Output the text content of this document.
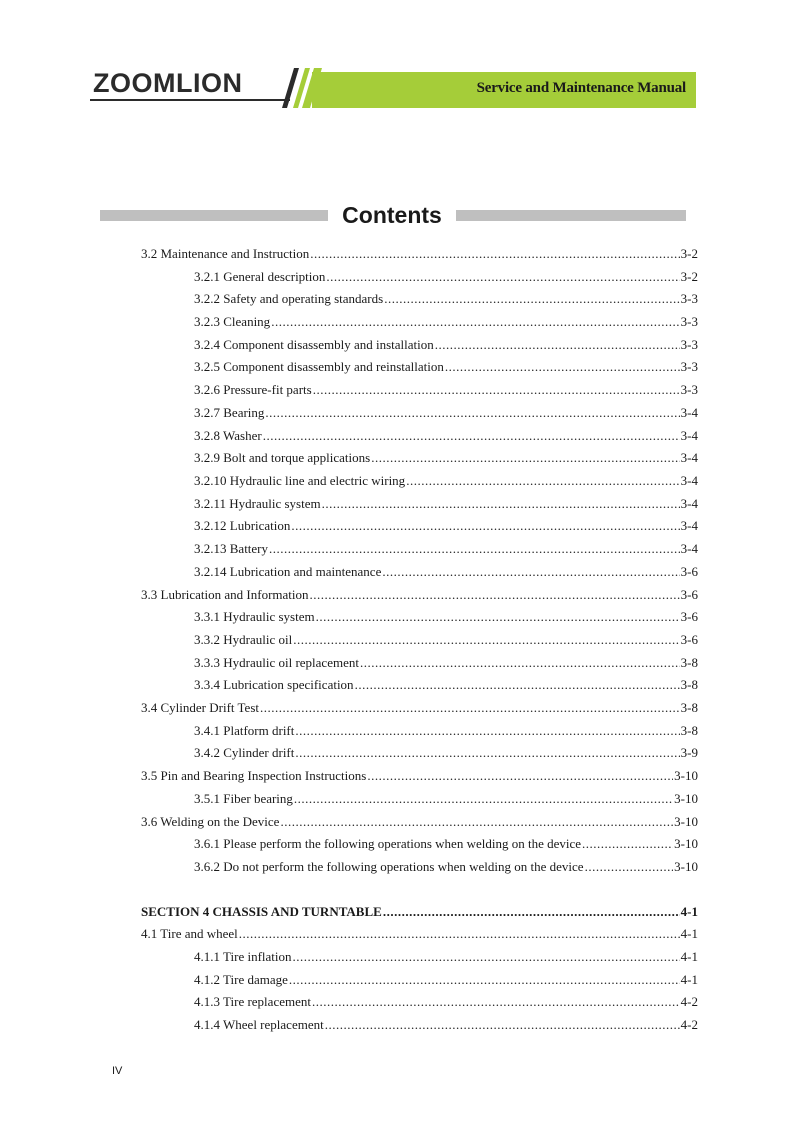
ZOOMLION	Service and Maintenance Manual
Contents
3.2 Maintenance and Instruction .....	3-2
3.2.1 General description .....	3-2
3.2.2 Safety and operating standards .....	3-3
3.2.3 Cleaning .....	3-3
3.2.4 Component disassembly and installation .....	3-3
3.2.5 Component disassembly and reinstallation .....	3-3
3.2.6 Pressure-fit parts .....	3-3
3.2.7 Bearing .....	3-4
3.2.8 Washer .....	3-4
3.2.9 Bolt and torque applications .....	3-4
3.2.10 Hydraulic line and electric wiring .....	3-4
3.2.11 Hydraulic system .....	3-4
3.2.12 Lubrication .....	3-4
3.2.13 Battery .....	3-4
3.2.14 Lubrication and maintenance .....	3-6
3.3 Lubrication and Information .....	3-6
3.3.1 Hydraulic system .....	3-6
3.3.2 Hydraulic oil .....	3-6
3.3.3 Hydraulic oil replacement .....	3-8
3.3.4 Lubrication specification .....	3-8
3.4 Cylinder Drift Test .....	3-8
3.4.1 Platform drift .....	3-8
3.4.2 Cylinder drift .....	3-9
3.5 Pin and Bearing Inspection Instructions .....	3-10
3.5.1 Fiber bearing .....	3-10
3.6 Welding on the Device .....	3-10
3.6.1 Please perform the following operations when welding on the device .....	3-10
3.6.2 Do not perform the following operations when welding on the device .....	3-10
SECTION 4 CHASSIS AND TURNTABLE .....	4-1
4.1 Tire and wheel .....	4-1
4.1.1 Tire inflation .....	4-1
4.1.2 Tire damage .....	4-1
4.1.3 Tire replacement .....	4-2
4.1.4 Wheel replacement .....	4-2
IV
